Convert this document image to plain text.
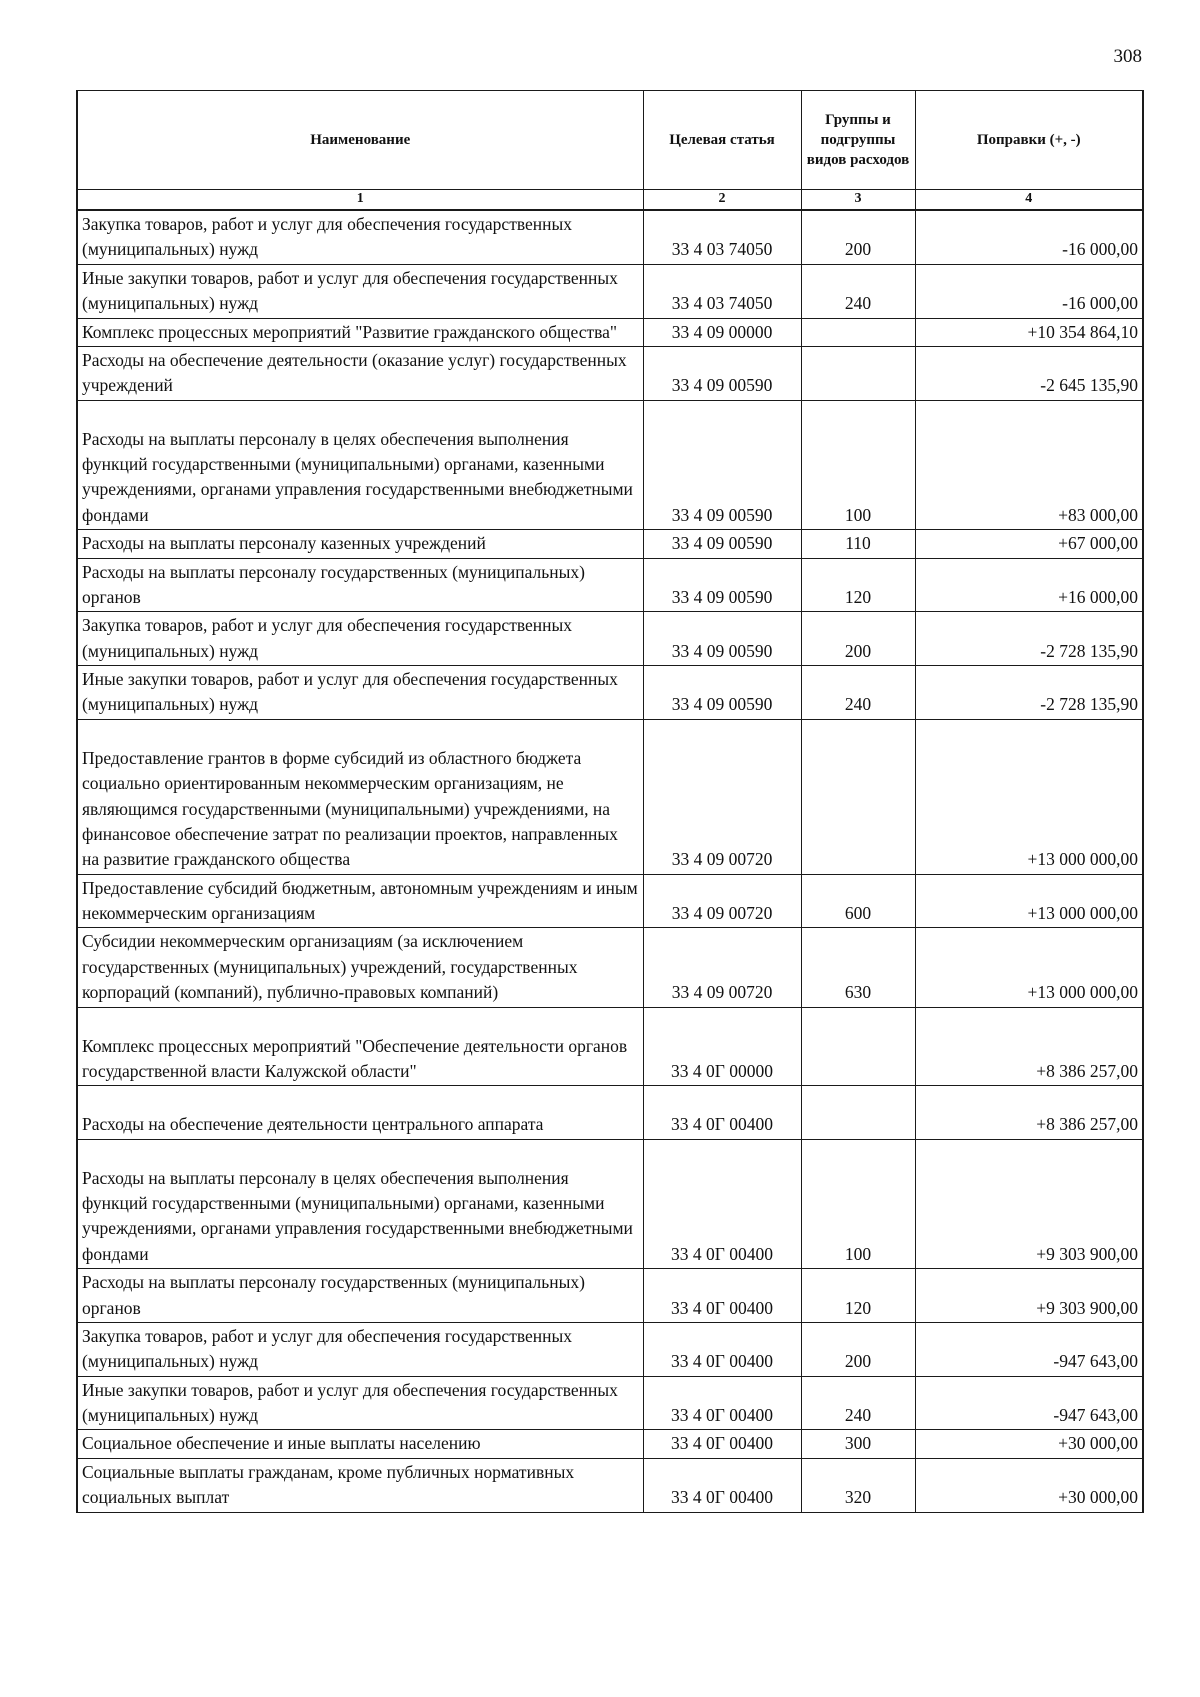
308
Наименование	Целевая статья	Группы и подгруппы видов расходов	Поправки (+, -)
1	2	3	4
Закупка товаров, работ и услуг для обеспечения государственных (муниципальных) нужд	33 4 03 74050	200	-16 000,00
Иные закупки товаров, работ и услуг для обеспечения государственных (муниципальных) нужд	33 4 03 74050	240	-16 000,00
Комплекс процессных мероприятий "Развитие гражданского общества"	33 4 09 00000		+10 354 864,10
Расходы на обеспечение деятельности (оказание услуг) государственных учреждений	33 4 09 00590		-2 645 135,90
Расходы на выплаты персоналу в целях обеспечения выполнения функций государственными (муниципальными) органами, казенными учреждениями, органами управления государственными внебюджетными фондами	33 4 09 00590	100	+83 000,00
Расходы на выплаты персоналу казенных учреждений	33 4 09 00590	110	+67 000,00
Расходы на выплаты персоналу государственных (муниципальных) органов	33 4 09 00590	120	+16 000,00
Закупка товаров, работ и услуг для обеспечения государственных (муниципальных) нужд	33 4 09 00590	200	-2 728 135,90
Иные закупки товаров, работ и услуг для обеспечения государственных (муниципальных) нужд	33 4 09 00590	240	-2 728 135,90
Предоставление грантов в форме субсидий из областного бюджета социально ориентированным некоммерческим организациям, не являющимся государственными (муниципальными) учреждениями, на финансовое обеспечение затрат по реализации проектов, направленных на развитие гражданского общества	33 4 09 00720		+13 000 000,00
Предоставление субсидий бюджетным, автономным учреждениям и иным некоммерческим организациям	33 4 09 00720	600	+13 000 000,00
Субсидии некоммерческим организациям (за исключением государственных (муниципальных) учреждений, государственных корпораций (компаний), публично-правовых компаний)	33 4 09 00720	630	+13 000 000,00
Комплекс процессных мероприятий "Обеспечение деятельности органов государственной власти Калужской области"	33 4 0Г 00000		+8 386 257,00
Расходы на обеспечение деятельности центрального аппарата	33 4 0Г 00400		+8 386 257,00
Расходы на выплаты персоналу в целях обеспечения выполнения функций государственными (муниципальными) органами, казенными учреждениями, органами управления государственными внебюджетными фондами	33 4 0Г 00400	100	+9 303 900,00
Расходы на выплаты персоналу государственных (муниципальных) органов	33 4 0Г 00400	120	+9 303 900,00
Закупка товаров, работ и услуг для обеспечения государственных (муниципальных) нужд	33 4 0Г 00400	200	-947 643,00
Иные закупки товаров, работ и услуг для обеспечения государственных (муниципальных) нужд	33 4 0Г 00400	240	-947 643,00
Социальное обеспечение и иные выплаты населению	33 4 0Г 00400	300	+30 000,00
Социальные выплаты гражданам, кроме публичных нормативных социальных выплат	33 4 0Г 00400	320	+30 000,00
